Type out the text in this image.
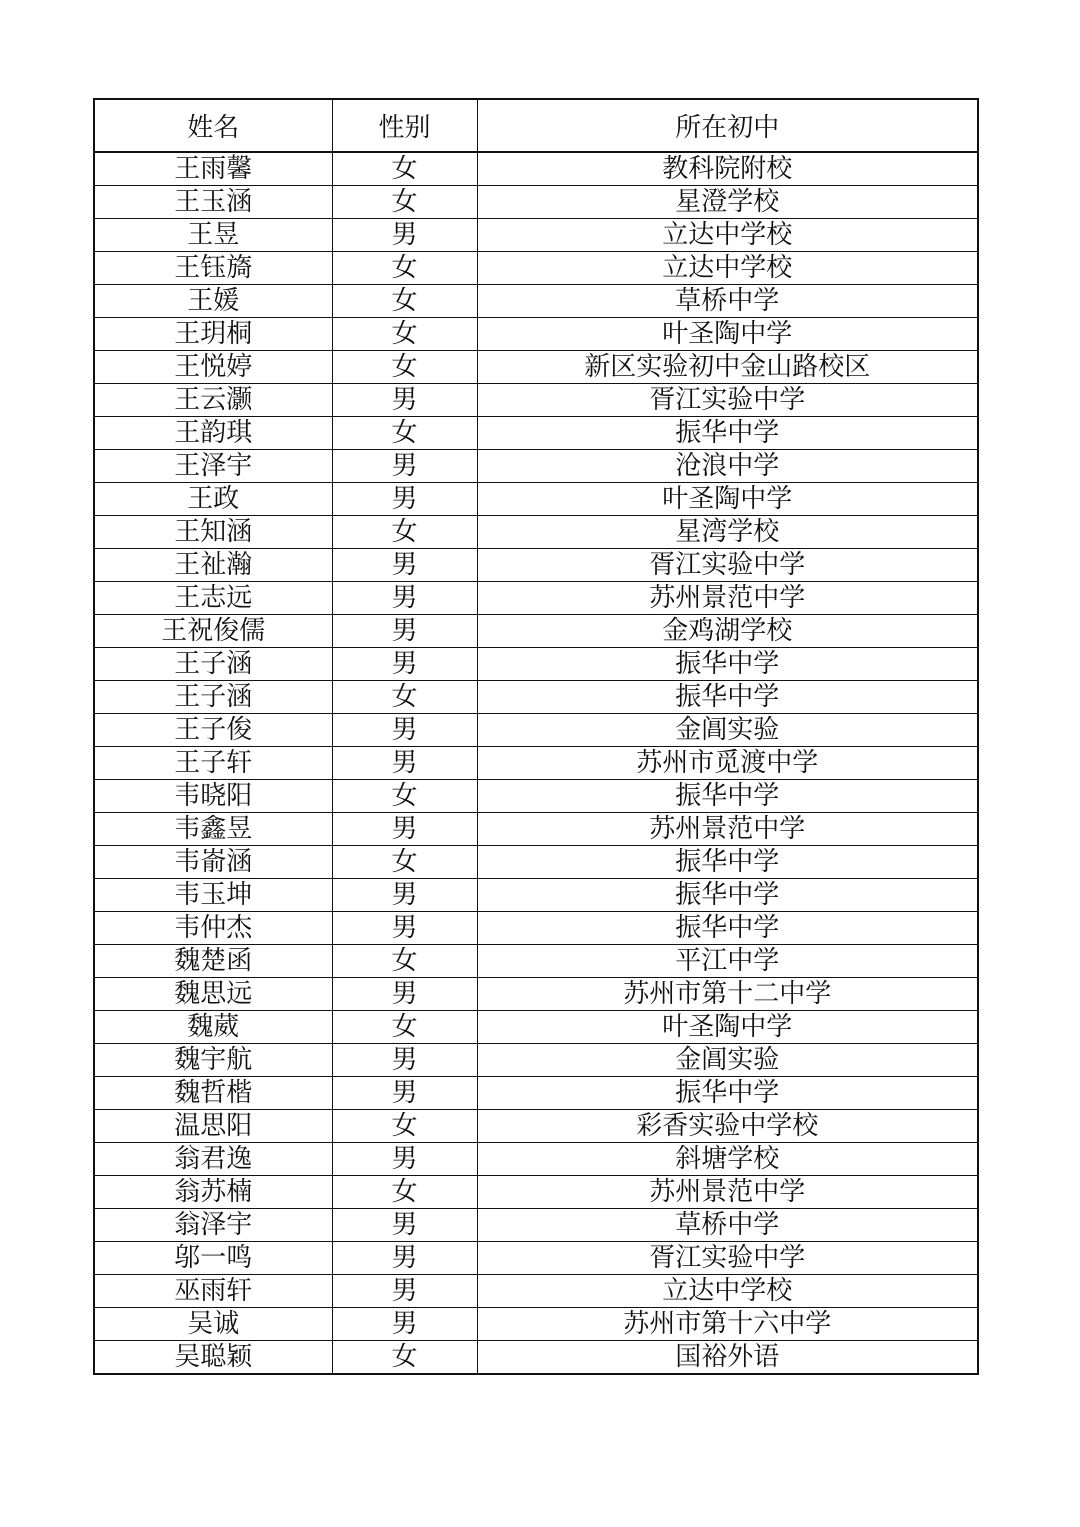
姓名	性别	所在初中
王雨馨	女	教科院附校
王玉涵	女	星澄学校
王昱	男	立达中学校
王钰旖	女	立达中学校
王媛	女	草桥中学
王玥桐	女	叶圣陶中学
王悦婷	女	新区实验初中金山路校区
王云灏	男	胥江实验中学
王韵琪	女	振华中学
王泽宇	男	沧浪中学
王政	男	叶圣陶中学
王知涵	女	星湾学校
王祉瀚	男	胥江实验中学
王志远	男	苏州景范中学
王祝俊儒	男	金鸡湖学校
王子涵	男	振华中学
王子涵	女	振华中学
王子俊	男	金阊实验
王子轩	男	苏州市觅渡中学
韦晓阳	女	振华中学
韦鑫昱	男	苏州景范中学
韦嵛涵	女	振华中学
韦玉坤	男	振华中学
韦仲杰	男	振华中学
魏楚函	女	平江中学
魏思远	男	苏州市第十二中学
魏葳	女	叶圣陶中学
魏宇航	男	金阊实验
魏哲楷	男	振华中学
温思阳	女	彩香实验中学校
翁君逸	男	斜塘学校
翁苏楠	女	苏州景范中学
翁泽宇	男	草桥中学
邬一鸣	男	胥江实验中学
巫雨轩	男	立达中学校
吴诚	男	苏州市第十六中学
吴聪颖	女	国裕外语
